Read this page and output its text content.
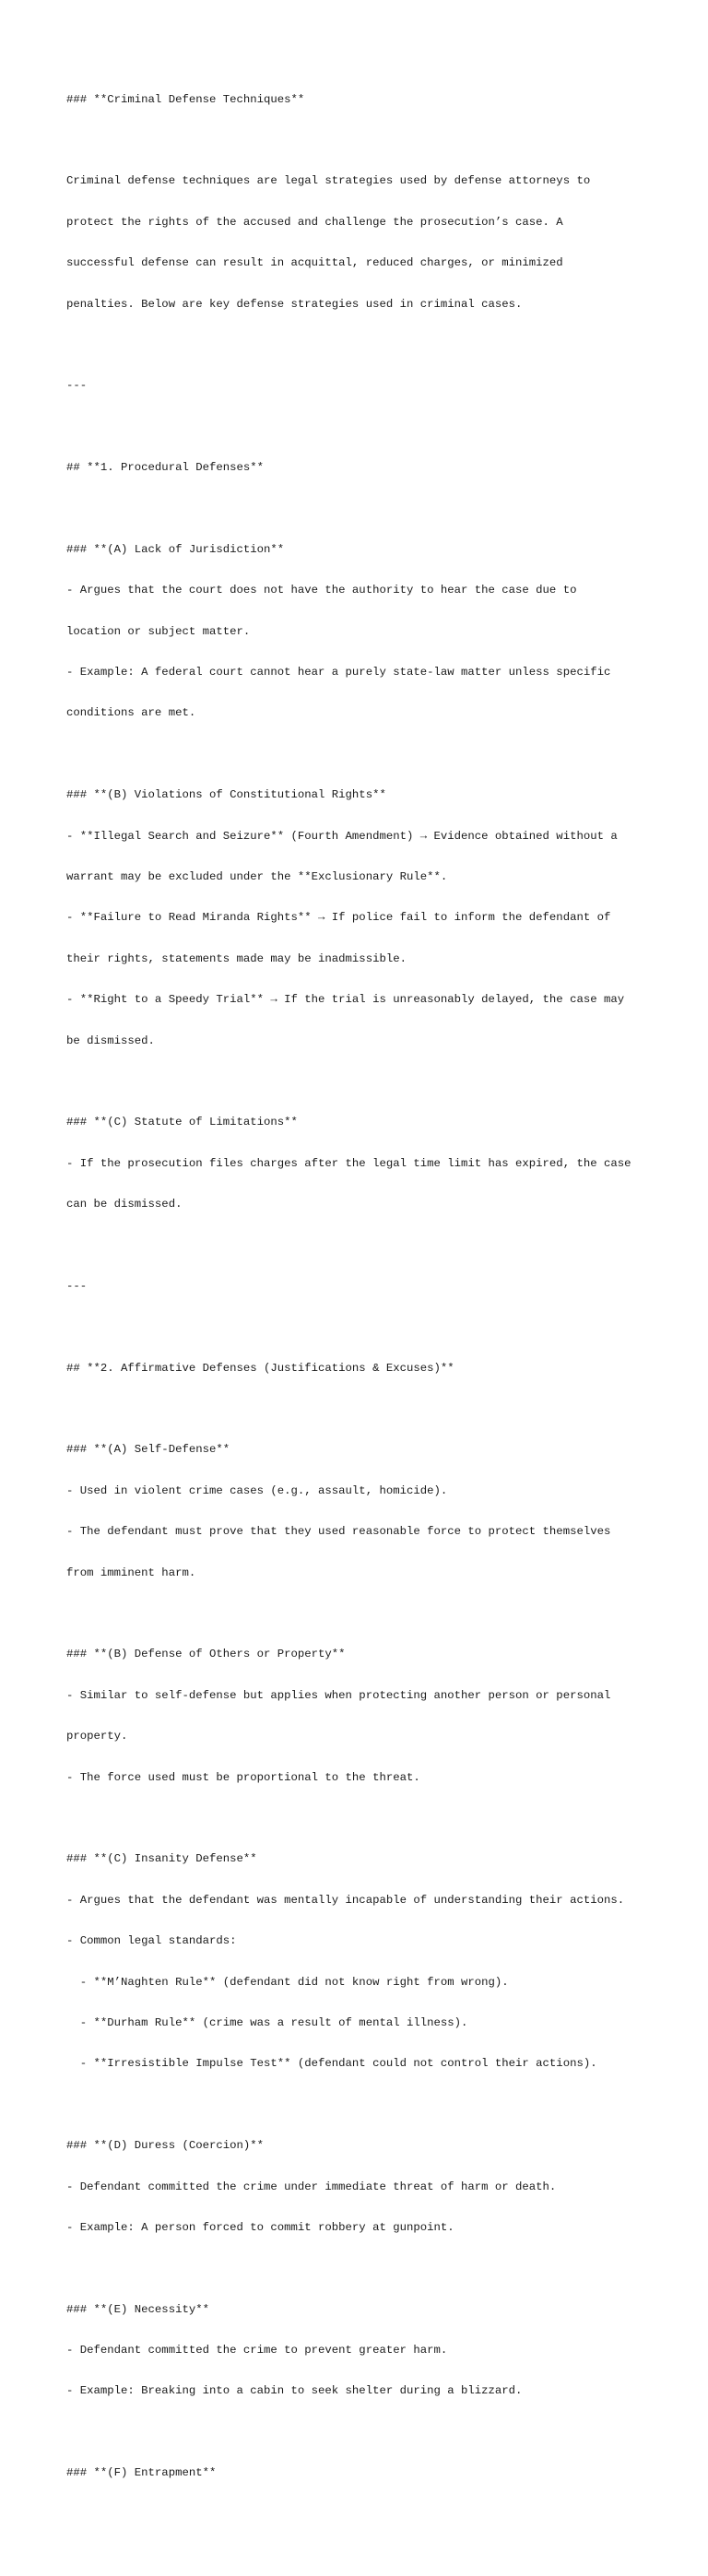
### **Criminal Defense Techniques**

Criminal defense techniques are legal strategies used by defense attorneys to

protect the rights of the accused and challenge the prosecution’s case. A

successful defense can result in acquittal, reduced charges, or minimized

penalties. Below are key defense strategies used in criminal cases.

---

## **1. Procedural Defenses**

### **(A) Lack of Jurisdiction**

- Argues that the court does not have the authority to hear the case due to

location or subject matter.

- Example: A federal court cannot hear a purely state-law matter unless specific

conditions are met.

### **(B) Violations of Constitutional Rights**

- **Illegal Search and Seizure** (Fourth Amendment) → Evidence obtained without a

warrant may be excluded under the **Exclusionary Rule**.

- **Failure to Read Miranda Rights** → If police fail to inform the defendant of

their rights, statements made may be inadmissible.

- **Right to a Speedy Trial** → If the trial is unreasonably delayed, the case may

be dismissed.

### **(C) Statute of Limitations**

- If the prosecution files charges after the legal time limit has expired, the case

can be dismissed.

---

## **2. Affirmative Defenses (Justifications & Excuses)**

### **(A) Self-Defense**

- Used in violent crime cases (e.g., assault, homicide).

- The defendant must prove that they used reasonable force to protect themselves

from imminent harm.

### **(B) Defense of Others or Property**

- Similar to self-defense but applies when protecting another person or personal

property.

- The force used must be proportional to the threat.

### **(C) Insanity Defense**

- Argues that the defendant was mentally incapable of understanding their actions.

- Common legal standards:

- **M’Naghten Rule** (defendant did not know right from wrong).

- **Durham Rule** (crime was a result of mental illness).

- **Irresistible Impulse Test** (defendant could not control their actions).

### **(D) Duress (Coercion)**

- Defendant committed the crime under immediate threat of harm or death.

- Example: A person forced to commit robbery at gunpoint.

### **(E) Necessity**

- Defendant committed the crime to prevent greater harm.

- Example: Breaking into a cabin to seek shelter during a blizzard.

### **(F) Entrapment**
